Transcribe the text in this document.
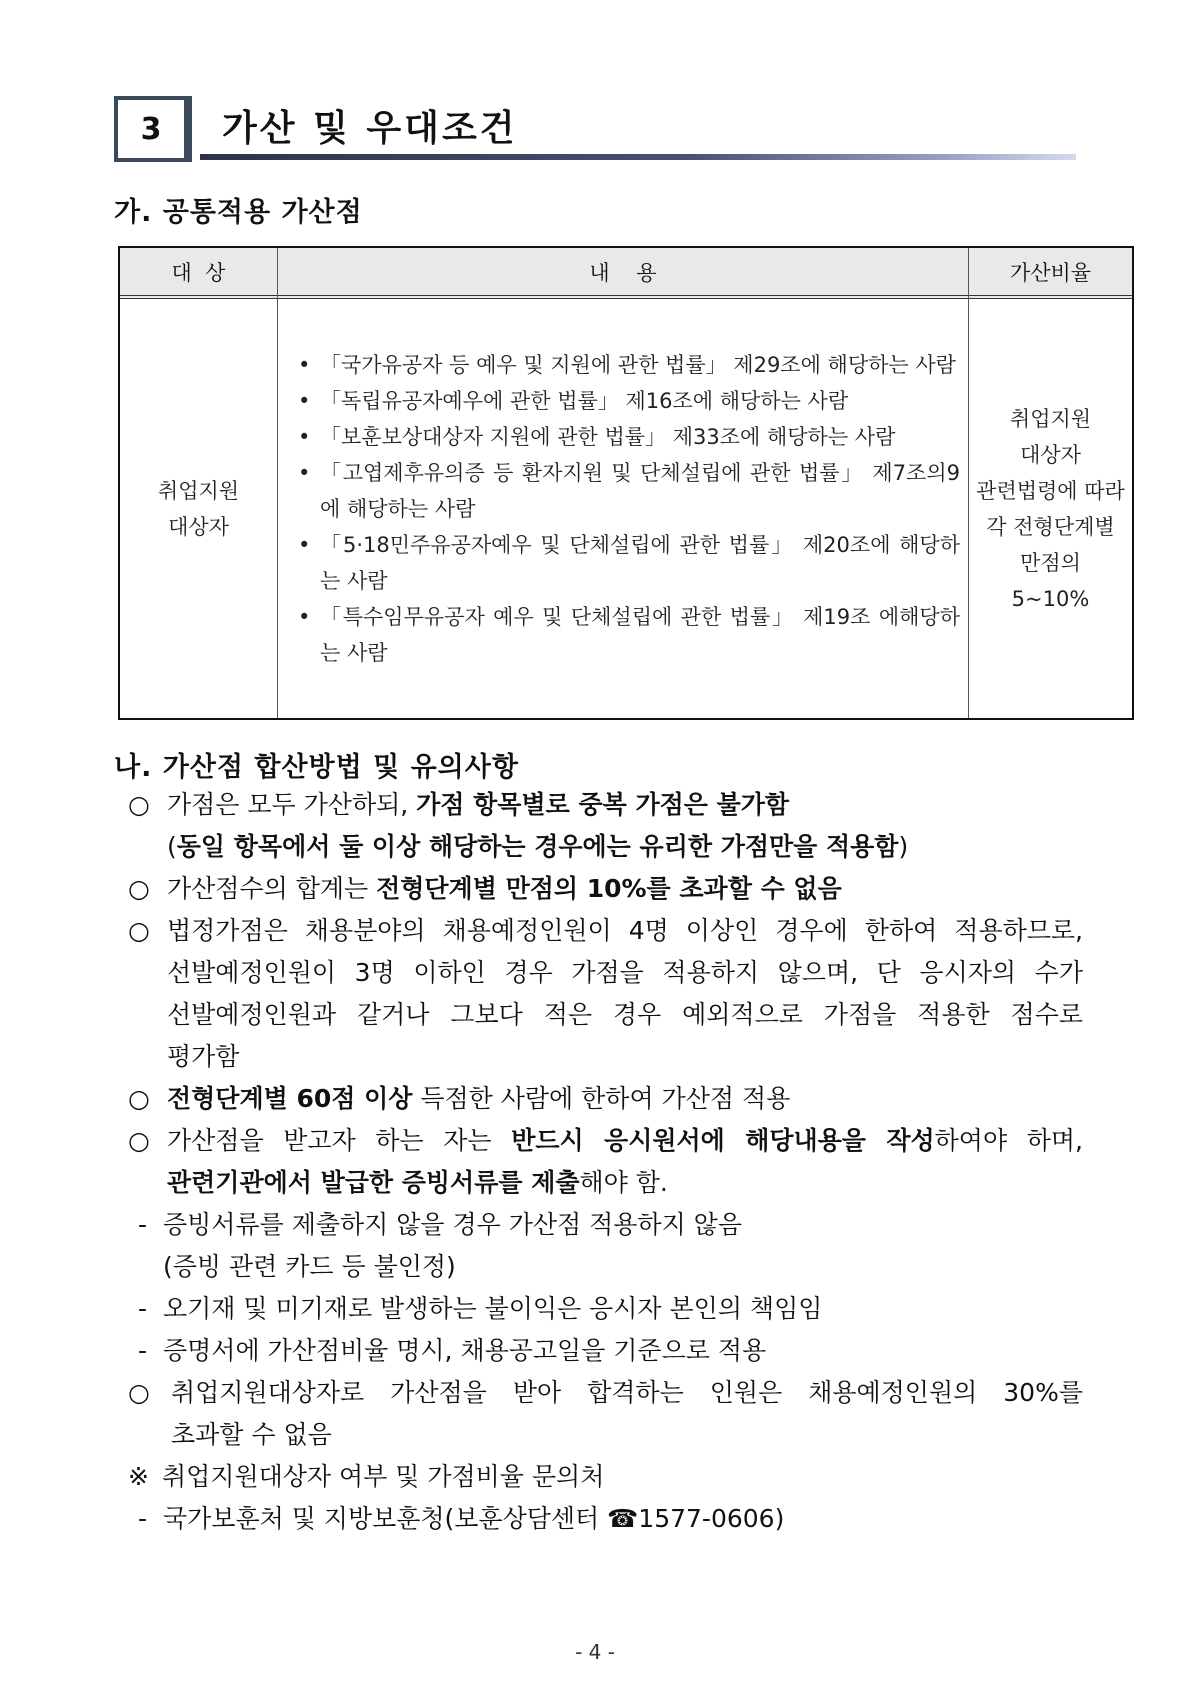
3 가산 및 우대조건
가. 공통적용 가산점
대  상	내    용	가산비율
취업지원
대상자
• 「국가유공자 등 예우 및 지원에 관한 법률」 제29조에 해당하는 사람
• 「독립유공자예우에 관한 법률」 제16조에 해당하는 사람
• 「보훈보상대상자 지원에 관한 법률」 제33조에 해당하는 사람
• 「고엽제후유의증 등 환자지원 및 단체설립에 관한 법률」 제7조의9에 해당하는 사람
• 「5·18민주유공자예우 및 단체설립에 관한 법률」 제20조에 해당하는 사람
• 「특수임무유공자 예우 및 단체설립에 관한 법률」 제19조 에해당하는 사람
취업지원
대상자
관련법령에 따라
각 전형단계별
만점의
5~10%
나. 가산점 합산방법 및 유의사항
○ 가점은 모두 가산하되, 가점 항목별로 중복 가점은 불가함
(동일 항목에서 둘 이상 해당하는 경우에는 유리한 가점만을 적용함)
○ 가산점수의 합계는 전형단계별 만점의 10%를 초과할 수 없음
○ 법정가점은 채용분야의 채용예정인원이 4명 이상인 경우에 한하여 적용하므로,
선발예정인원이 3명 이하인 경우 가점을 적용하지 않으며, 단 응시자의 수가
선발예정인원과 같거나 그보다 적은 경우 예외적으로 가점을 적용한 점수로
평가함
○ 전형단계별 60점 이상 득점한 사람에 한하여 가산점 적용
○ 가산점을 받고자 하는 자는 반드시 응시원서에 해당내용을 작성하여야 하며,
관련기관에서 발급한 증빙서류를 제출해야 함.
- 증빙서류를 제출하지 않을 경우 가산점 적용하지 않음
(증빙 관련 카드 등 불인정)
- 오기재 및 미기재로 발생하는 불이익은 응시자 본인의 책임임
- 증명서에 가산점비율 명시, 채용공고일을 기준으로 적용
○ 취업지원대상자로 가산점을 받아 합격하는 인원은 채용예정인원의 30%를
초과할 수 없음
※ 취업지원대상자 여부 및 가점비율 문의처
- 국가보훈처 및 지방보훈청(보훈상담센터 ☎1577-0606)
- 4 -
